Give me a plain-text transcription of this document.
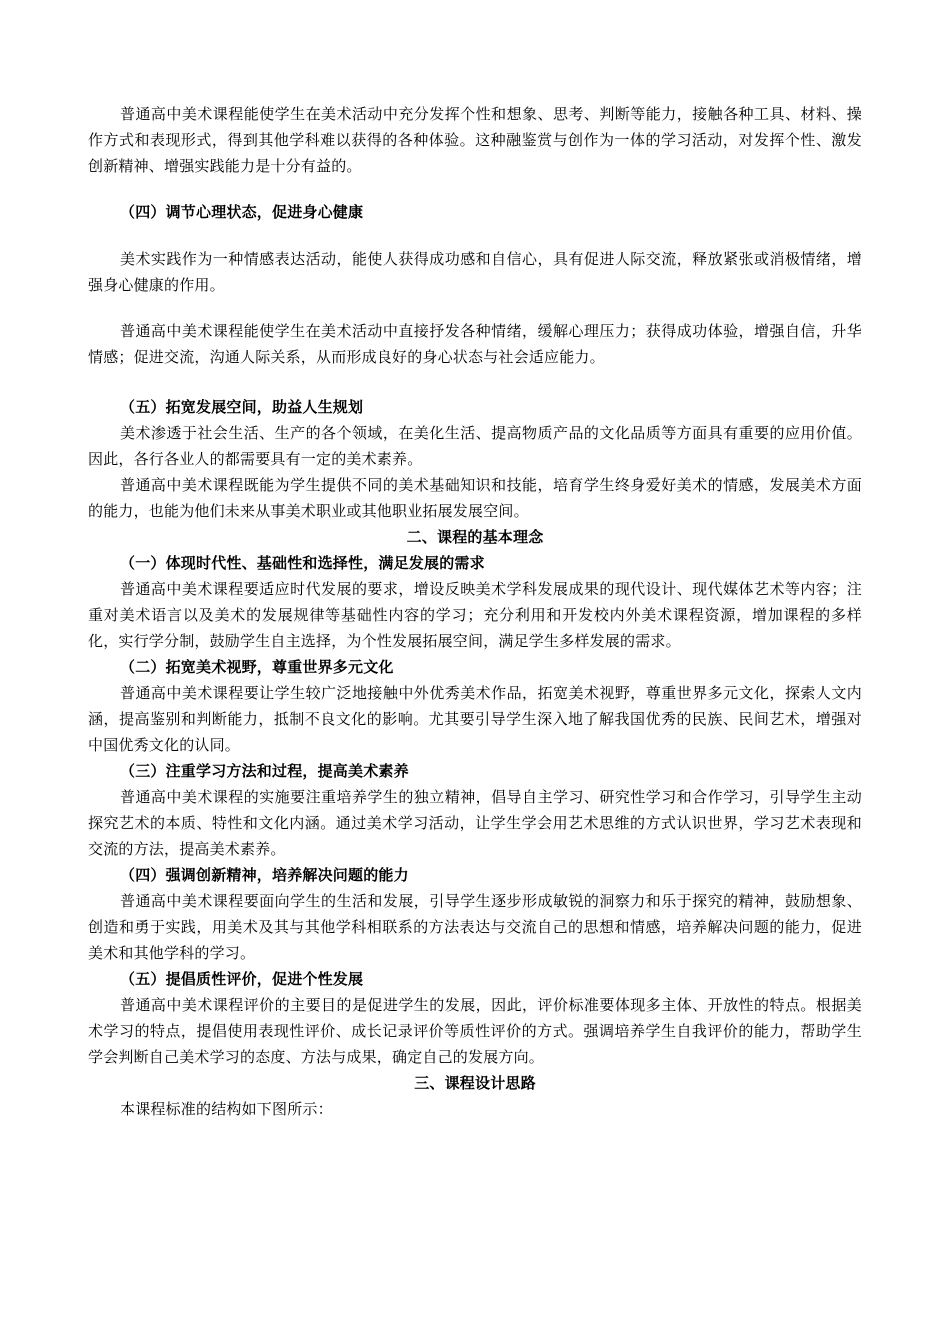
普通高中美术课程能使学生在美术活动中充分发挥个性和想象、思考、判断等能力，接触各种工具、材料、操作方式和表现形式，得到其他学科难以获得的各种体验。这种融鉴赏与创作为一体的学习活动，对发挥个性、激发创新精神、增强实践能力是十分有益的。

（四）调节心理状态，促进身心健康

美术实践作为一种情感表达活动，能使人获得成功感和自信心，具有促进人际交流，释放紧张或消极情绪，增强身心健康的作用。

普通高中美术课程能使学生在美术活动中直接抒发各种情绪，缓解心理压力；获得成功体验，增强自信，升华情感；促进交流，沟通人际关系，从而形成良好的身心状态与社会适应能力。

（五）拓宽发展空间，助益人生规划

美术渗透于社会生活、生产的各个领域，在美化生活、提高物质产品的文化品质等方面具有重要的应用价值。因此，各行各业人的都需要具有一定的美术素养。

普通高中美术课程既能为学生提供不同的美术基础知识和技能，培育学生终身爱好美术的情感，发展美术方面的能力，也能为他们未来从事美术职业或其他职业拓展发展空间。

二、课程的基本理念

（一）体现时代性、基础性和选择性，满足发展的需求

普通高中美术课程要适应时代发展的要求，增设反映美术学科发展成果的现代设计、现代媒体艺术等内容；注重对美术语言以及美术的发展规律等基础性内容的学习；充分利用和开发校内外美术课程资源，增加课程的多样化，实行学分制，鼓励学生自主选择，为个性发展拓展空间，满足学生多样发展的需求。

（二）拓宽美术视野，尊重世界多元文化

普通高中美术课程要让学生较广泛地接触中外优秀美术作品，拓宽美术视野，尊重世界多元文化，探索人文内涵，提高鉴别和判断能力，抵制不良文化的影响。尤其要引导学生深入地了解我国优秀的民族、民间艺术，增强对中国优秀文化的认同。

（三）注重学习方法和过程，提高美术素养

普通高中美术课程的实施要注重培养学生的独立精神，倡导自主学习、研究性学习和合作学习，引导学生主动探究艺术的本质、特性和文化内涵。通过美术学习活动，让学生学会用艺术思维的方式认识世界，学习艺术表现和交流的方法，提高美术素养。

（四）强调创新精神，培养解决问题的能力

普通高中美术课程要面向学生的生活和发展，引导学生逐步形成敏锐的洞察力和乐于探究的精神，鼓励想象、创造和勇于实践，用美术及其与其他学科相联系的方法表达与交流自己的思想和情感，培养解决问题的能力，促进美术和其他学科的学习。

（五）提倡质性评价，促进个性发展

普通高中美术课程评价的主要目的是促进学生的发展，因此，评价标准要体现多主体、开放性的特点。根据美术学习的特点，提倡使用表现性评价、成长记录评价等质性评价的方式。强调培养学生自我评价的能力，帮助学生学会判断自己美术学习的态度、方法与成果，确定自己的发展方向。

三、课程设计思路

本课程标准的结构如下图所示：
